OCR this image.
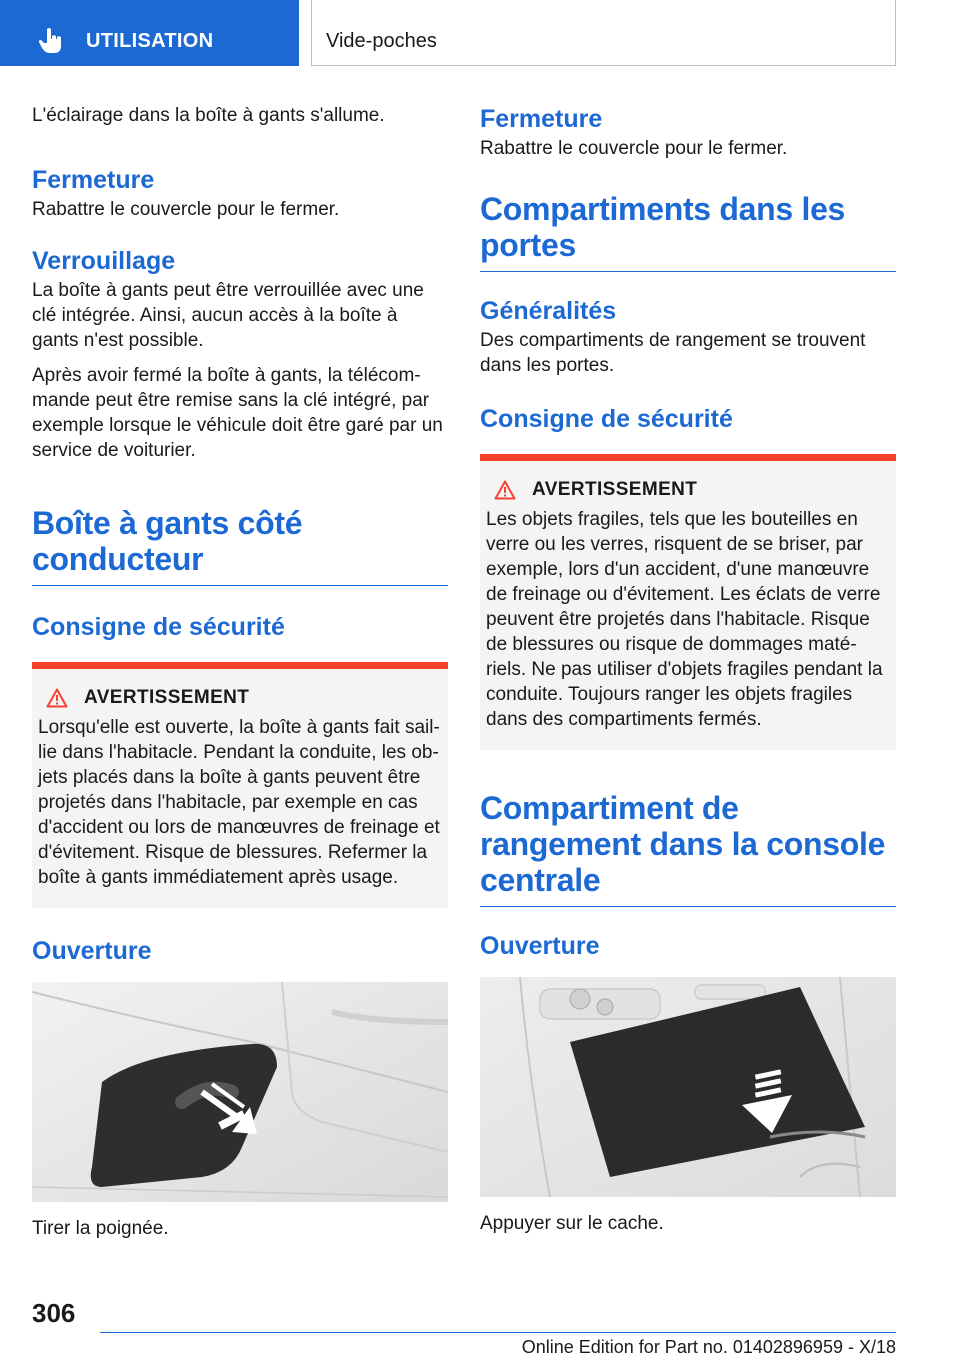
UTILISATION	Vide-poches

L'éclairage dans la boîte à gants s'allume.

Fermeture

Rabattre le couvercle pour le fermer.

Verrouillage

La boîte à gants peut être verrouillée avec une clé intégrée. Ainsi, aucun accès à la boîte à gants n'est possible.

Après avoir fermé la boîte à gants, la télécom-mande peut être remise sans la clé intégré, par exemple lorsque le véhicule doit être garé par un service de voiturier.

Boîte à gants côté conducteur
Consigne de sécurité
AVERTISSEMENT

Lorsqu'elle est ouverte, la boîte à gants fait sail-lie dans l'habitacle. Pendant la conduite, les ob-jets placés dans la boîte à gants peuvent être projetés dans l'habitacle, par exemple en cas d'accident ou lors de manœuvres de freinage et d'évitement. Risque de blessures. Refermer la boîte à gants immédiatement après usage.

Ouverture

Tirer la poignée.

Fermeture

Rabattre le couvercle pour le fermer.

Compartiments dans les portes
Généralités

Des compartiments de rangement se trouvent dans les portes.

Consigne de sécurité
AVERTISSEMENT

Les objets fragiles, tels que les bouteilles en verre ou les verres, risquent de se briser, par exemple, lors d'un accident, d'une manœuvre de freinage ou d'évitement. Les éclats de verre peuvent être projetés dans l'habitacle. Risque de blessures ou risque de dommages maté-riels. Ne pas utiliser d'objets fragiles pendant la conduite. Toujours ranger les objets fragiles dans des compartiments fermés.

Compartiment de rangement dans la console centrale
Ouverture

Appuyer sur le cache.

306
Online Edition for Part no. 01402896959 - X/18
